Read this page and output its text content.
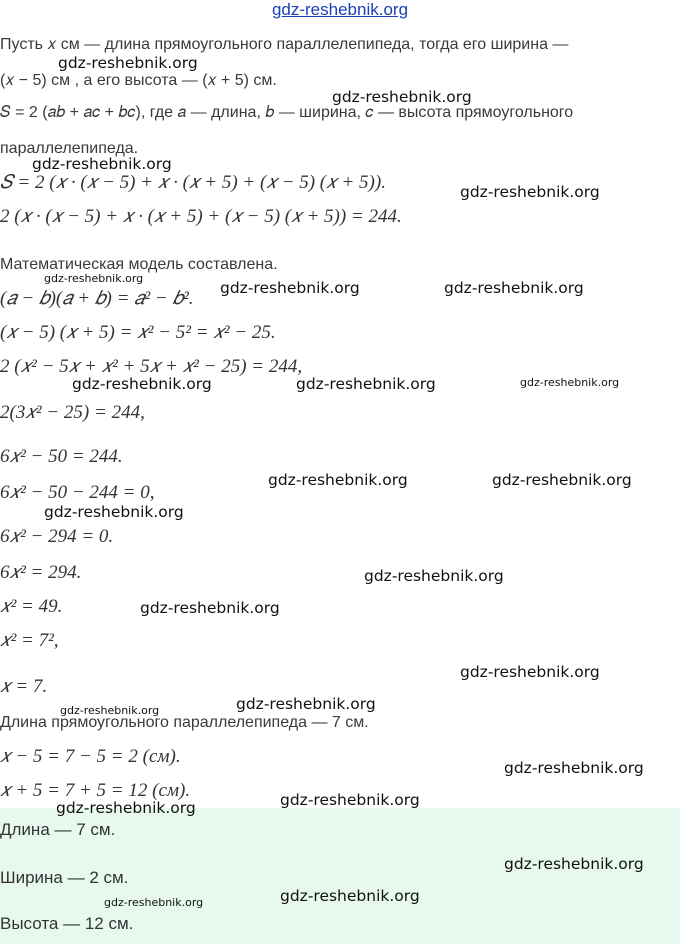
gdz-reshebnik.org
Пусть 𝑥 см — длина прямоугольного параллелепипеда, тогда его ширина —
(𝑥 − 5) см , а его высота — (𝑥 + 5) см.
𝑆 = 2 (𝑎𝑏 + 𝑎𝑐 + 𝑏𝑐), где 𝑎 — длина, 𝑏 — ширина, 𝑐 — высота прямоугольного
параллелепипеда.
𝑆 = 2 (𝑥 · (𝑥 − 5) + 𝑥 · (𝑥 + 5) + (𝑥 − 5) (𝑥 + 5)).
2 (𝑥 · (𝑥 − 5) + 𝑥 · (𝑥 + 5) + (𝑥 − 5) (𝑥 + 5)) = 244.
Математическая модель составлена.
(𝑎 − 𝑏)(𝑎 + 𝑏) = 𝑎² − 𝑏².
(𝑥 − 5) (𝑥 + 5) = 𝑥² − 5² = 𝑥² − 25.
2 (𝑥² − 5𝑥 + 𝑥² + 5𝑥 + 𝑥² − 25) = 244,
2(3𝑥² − 25) = 244,
6𝑥² − 50 = 244.
6𝑥² − 50 − 244 = 0,
6𝑥² − 294 = 0.
6𝑥² = 294.
𝑥² = 49.
𝑥² = 7²,
𝑥 = 7.
Длина прямоугольного параллелепипеда — 7 см.
𝑥 − 5 = 7 − 5 = 2 (см).
𝑥 + 5 = 7 + 5 = 12 (см).
Длина — 7 см.
Ширина — 2 см.
Высота — 12 см.
gdz-reshebnik.org
gdz-reshebnik.org
gdz-reshebnik.org
gdz-reshebnik.org
gdz-reshebnik.org
gdz-reshebnik.org	gdz-reshebnik.org
gdz-reshebnik.org	gdz-reshebnik.org	gdz-reshebnik.org
gdz-reshebnik.org	gdz-reshebnik.org
gdz-reshebnik.org
gdz-reshebnik.org
gdz-reshebnik.org
gdz-reshebnik.org
gdz-reshebnik.org	gdz-reshebnik.org
gdz-reshebnik.org
gdz-reshebnik.org	gdz-reshebnik.org
gdz-reshebnik.org
gdz-reshebnik.org
gdz-reshebnik.org
